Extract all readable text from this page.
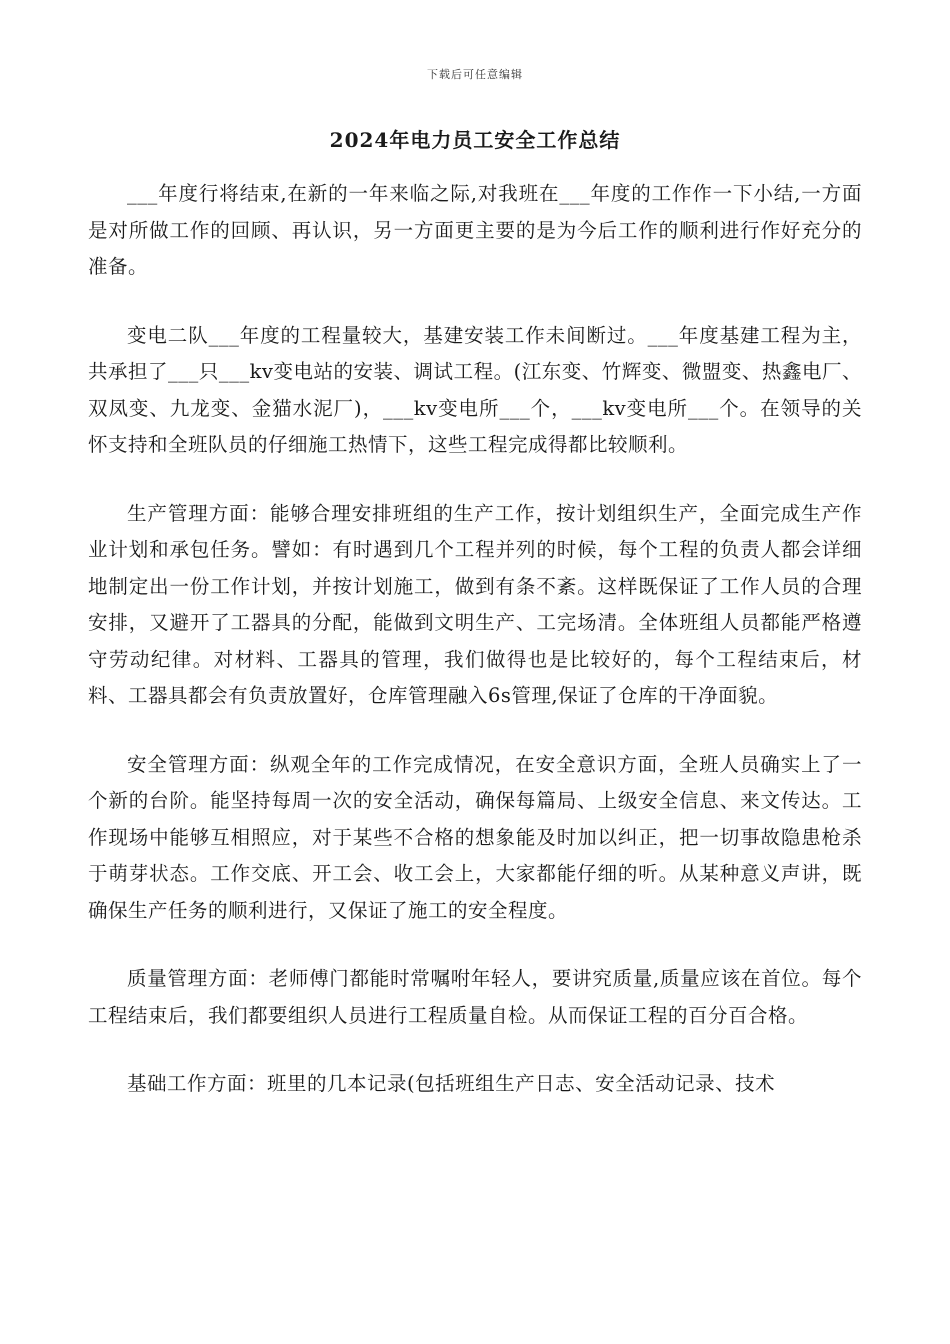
下载后可任意编辑
2024年电力员工安全工作总结

___年度行将结束,在新的一年来临之际,对我班在___年度的工作作一下小结,一方面是对所做工作的回顾、再认识，另一方面更主要的是为今后工作的顺利进行作好充分的准备。

变电二队___年度的工程量较大，基建安装工作未间断过。___年度基建工程为主，共承担了___只___kv变电站的安装、调试工程。(江东变、竹辉变、微盟变、热鑫电厂、双凤变、九龙变、金猫水泥厂)，___kv变电所___个，___kv变电所___个。在领导的关怀支持和全班队员的仔细施工热情下，这些工程完成得都比较顺利。

生产管理方面：能够合理安排班组的生产工作，按计划组织生产，全面完成生产作业计划和承包任务。譬如：有时遇到几个工程并列的时候，每个工程的负责人都会详细地制定出一份工作计划，并按计划施工，做到有条不紊。这样既保证了工作人员的合理安排，又避开了工器具的分配，能做到文明生产、工完场清。全体班组人员都能严格遵守劳动纪律。对材料、工器具的管理，我们做得也是比较好的，每个工程结束后，材料、工器具都会有负责放置好，仓库管理融入6s管理,保证了仓库的干净面貌。

安全管理方面：纵观全年的工作完成情况，在安全意识方面，全班人员确实上了一个新的台阶。能坚持每周一次的安全活动，确保每篇局、上级安全信息、来文传达。工作现场中能够互相照应，对于某些不合格的想象能及时加以纠正，把一切事故隐患枪杀于萌芽状态。工作交底、开工会、收工会上，大家都能仔细的听。从某种意义声讲，既确保生产任务的顺利进行，又保证了施工的安全程度。

质量管理方面：老师傅门都能时常嘱咐年轻人，要讲究质量,质量应该在首位。每个工程结束后，我们都要组织人员进行工程质量自检。从而保证工程的百分百合格。

基础工作方面：班里的几本记录(包括班组生产日志、安全活动记录、技术
